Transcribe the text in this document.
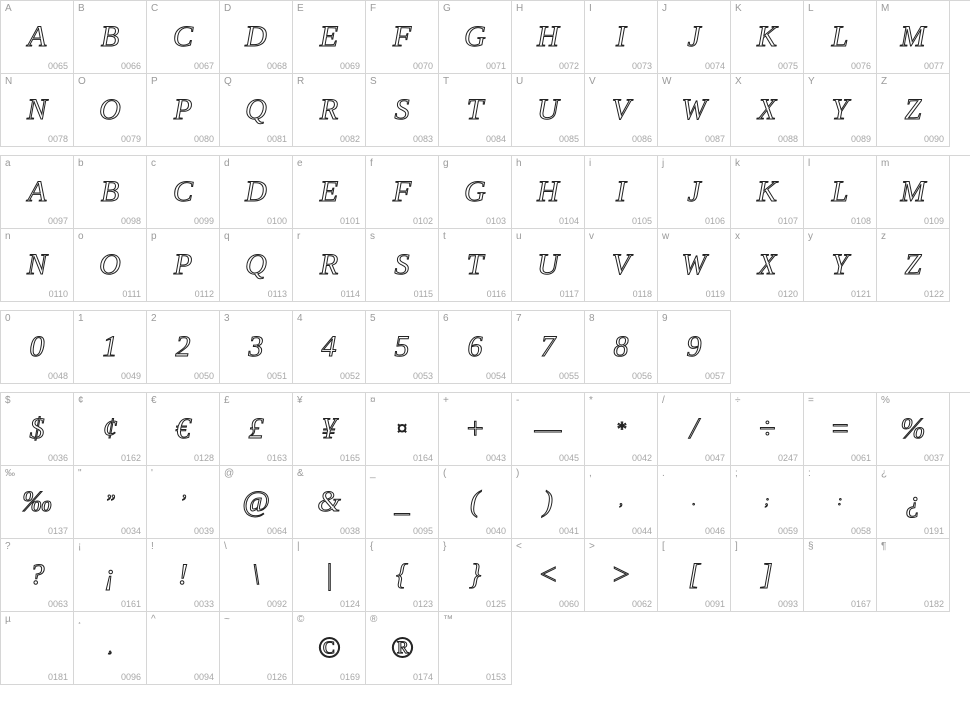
A
A
0065
B
B
0066
C
C
0067
D
D
0068
E
E
0069
F
F
0070
G
G
0071
H
H
0072
I
I
0073
J
J
0074
K
K
0075
L
L
0076
M
M
0077
N
N
0078
O
O
0079
P
P
0080
Q
Q
0081
R
R
0082
S
S
0083
T
T
0084
U
U
0085
V
V
0086
W
W
0087
X
X
0088
Y
Y
0089
Z
Z
0090
a
A
0097
b
B
0098
c
C
0099
d
D
0100
e
E
0101
f
F
0102
g
G
0103
h
H
0104
i
I
0105
j
J
0106
k
K
0107
l
L
0108
m
M
0109
n
N
0110
o
O
0111
p
P
0112
q
Q
0113
r
R
0114
s
S
0115
t
T
0116
u
U
0117
v
V
0118
w
W
0119
x
X
0120
y
Y
0121
z
Z
0122
0
0
0048
1
1
0049
2
2
0050
3
3
0051
4
4
0052
5
5
0053
6
6
0054
7
7
0055
8
8
0056
9
9
0057
$
$
0036
¢
¢
0162
€
€
0128
£
£
0163
¥
¥
0165
¤
¤
0164
+
+
0043
-
—
0045
*
*
0042
/
/
0047
÷
÷
0247
=
=
0061
%
%
0037
‰
‰
0137
"
”
0034
'
’
0039
@
@
0064
&
&
0038
_
_
0095
(
(
0040
)
)
0041
,
,
0044
.
.
0046
;
;
0059
:
:
0058
¿
¿
0191
?
?
0063
¡
¡
0161
!
!
0033
\
\
0092
|
|
0124
{
{
0123
}
}
0125
<
<
0060
>
>
0062
[
[
0091
]
]
0093
§
0167
¶
0182
µ
0181
¸
¸
0096
^
0094
~
0126
©
©
0169
®
®
0174
™
0153
